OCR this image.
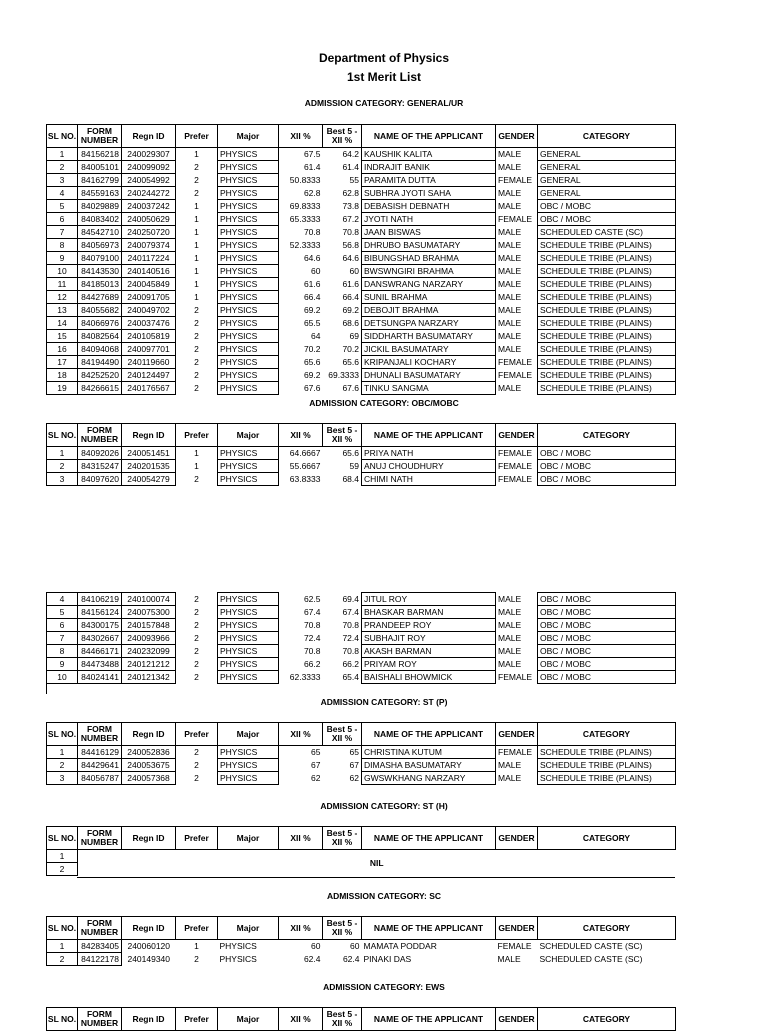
Department of Physics
1st Merit List
ADMISSION CATEGORY: GENERAL/UR
SL NO.	FORM NUMBER	Regn ID	Prefer	Major	XII %	Best 5 - XII %	NAME OF THE APPLICANT	GENDER	CATEGORY
1	84156218	240029307	1	PHYSICS	67.5	64.2	KAUSHIK KALITA	MALE	GENERAL
2	84005101	240099092	2	PHYSICS	61.4	61.4	INDRAJIT BANIK	MALE	GENERAL
3	84162799	240054992	2	PHYSICS	50.8333	55	PARAMITA DUTTA	FEMALE	GENERAL
4	84559163	240244272	2	PHYSICS	62.8	62.8	SUBHRA JYOTI SAHA	MALE	GENERAL
5	84029889	240037242	1	PHYSICS	69.8333	73.8	DEBASISH DEBNATH	MALE	OBC / MOBC
6	84083402	240050629	1	PHYSICS	65.3333	67.2	JYOTI NATH	FEMALE	OBC / MOBC
7	84542710	240250720	1	PHYSICS	70.8	70.8	JAAN BISWAS	MALE	SCHEDULED CASTE (SC)
8	84056973	240079374	1	PHYSICS	52.3333	56.8	DHRUBO BASUMATARY	MALE	SCHEDULE TRIBE (PLAINS)
9	84079100	240117224	1	PHYSICS	64.6	64.6	BIBUNGSHAD BRAHMA	MALE	SCHEDULE TRIBE (PLAINS)
10	84143530	240140516	1	PHYSICS	60	60	BWSWNGIRI BRAHMA	MALE	SCHEDULE TRIBE (PLAINS)
11	84185013	240045849	1	PHYSICS	61.6	61.6	DANSWRANG NARZARY	MALE	SCHEDULE TRIBE (PLAINS)
12	84427689	240091705	1	PHYSICS	66.4	66.4	SUNIL BRAHMA	MALE	SCHEDULE TRIBE (PLAINS)
13	84055682	240049702	2	PHYSICS	69.2	69.2	DEBOJIT BRAHMA	MALE	SCHEDULE TRIBE (PLAINS)
14	84066976	240037476	2	PHYSICS	65.5	68.6	DETSUNGPA NARZARY	MALE	SCHEDULE TRIBE (PLAINS)
15	84082564	240105819	2	PHYSICS	64	69	SIDDHARTH BASUMATARY	MALE	SCHEDULE TRIBE (PLAINS)
16	84094068	240097701	2	PHYSICS	70.2	70.2	JICKIL BASUMATARY	MALE	SCHEDULE TRIBE (PLAINS)
17	84194490	240119660	2	PHYSICS	65.6	65.6	KRIPANJALI KOCHARY	FEMALE	SCHEDULE TRIBE (PLAINS)
18	84252520	240124497	2	PHYSICS	69.2	69.3333	DHUNALI BASUMATARY	FEMALE	SCHEDULE TRIBE (PLAINS)
19	84266615	240176567	2	PHYSICS	67.6	67.6	TINKU SANGMA	MALE	SCHEDULE TRIBE (PLAINS)
ADMISSION CATEGORY: OBC/MOBC
SL NO.	FORM NUMBER	Regn ID	Prefer	Major	XII %	Best 5 - XII %	NAME OF THE APPLICANT	GENDER	CATEGORY
1	84092026	240051451	1	PHYSICS	64.6667	65.6	PRIYA NATH	FEMALE	OBC / MOBC
2	84315247	240201535	1	PHYSICS	55.6667	59	ANUJ CHOUDHURY	FEMALE	OBC / MOBC
3	84097620	240054279	2	PHYSICS	63.8333	68.4	CHIMI NATH	FEMALE	OBC / MOBC
4	84106219	240100074	2	PHYSICS	62.5	69.4	JITUL ROY	MALE	OBC / MOBC
5	84156124	240075300	2	PHYSICS	67.4	67.4	BHASKAR BARMAN	MALE	OBC / MOBC
6	84300175	240157848	2	PHYSICS	70.8	70.8	PRANDEEP ROY	MALE	OBC / MOBC
7	84302667	240093966	2	PHYSICS	72.4	72.4	SUBHAJIT ROY	MALE	OBC / MOBC
8	84466171	240232099	2	PHYSICS	70.8	70.8	AKASH BARMAN	MALE	OBC / MOBC
9	84473488	240121212	2	PHYSICS	66.2	66.2	PRIYAM ROY	MALE	OBC / MOBC
10	84024141	240121342	2	PHYSICS	62.3333	65.4	BAISHALI BHOWMICK	FEMALE	OBC / MOBC
ADMISSION CATEGORY: ST (P)
SL NO.	FORM NUMBER	Regn ID	Prefer	Major	XII %	Best 5 - XII %	NAME OF THE APPLICANT	GENDER	CATEGORY
1	84416129	240052836	2	PHYSICS	65	65	CHRISTINA KUTUM	FEMALE	SCHEDULE TRIBE (PLAINS)
2	84429641	240053675	2	PHYSICS	67	67	DIMASHA BASUMATARY	MALE	SCHEDULE TRIBE (PLAINS)
3	84056787	240057368	2	PHYSICS	62	62	GWSWKHANG NARZARY	MALE	SCHEDULE TRIBE (PLAINS)
ADMISSION CATEGORY: ST (H)
SL NO.	FORM NUMBER	Regn ID	Prefer	Major	XII %	Best 5 - XII %	NAME OF THE APPLICANT	GENDER	CATEGORY
1	NIL								
2									
ADMISSION CATEGORY: SC
SL NO.	FORM NUMBER	Regn ID	Prefer	Major	XII %	Best 5 - XII %	NAME OF THE APPLICANT	GENDER	CATEGORY
1	84283405	240060120	1	PHYSICS	60	60	MAMATA PODDAR	FEMALE	SCHEDULED CASTE (SC)
2	84122178	240149340	2	PHYSICS	62.4	62.4	PINAKI DAS	MALE	SCHEDULED CASTE (SC)
ADMISSION CATEGORY: EWS
SL NO.	FORM NUMBER	Regn ID	Prefer	Major	XII %	Best 5 - XII %	NAME OF THE APPLICANT	GENDER	CATEGORY
